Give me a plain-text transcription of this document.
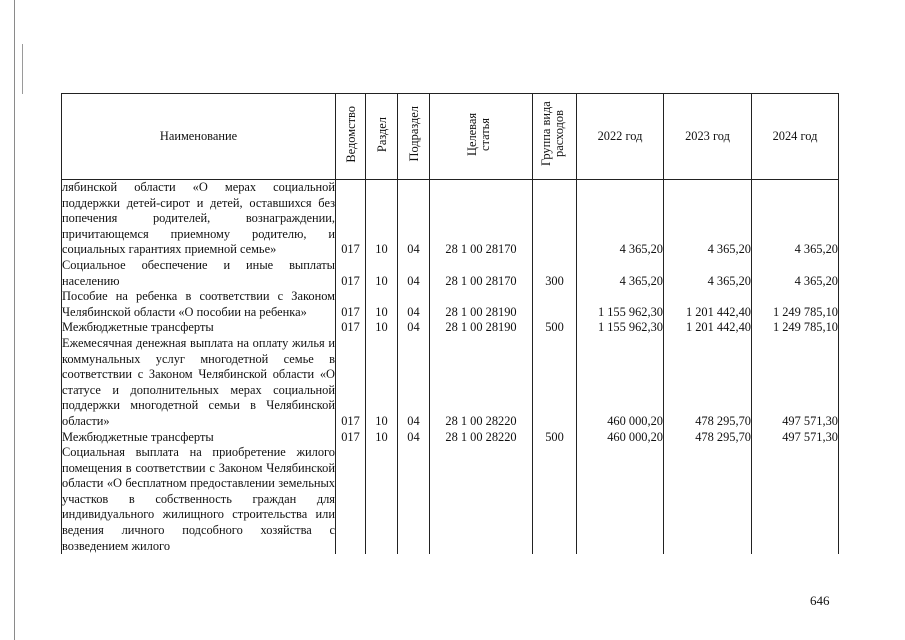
Наименование	Ведомство	Раздел	Подраздел	Целевая статья	Группа вида расходов	2022 год	2023 год	2024 год
лябинской области «О мерах социальной поддержки детей-сирот и детей, оставшихся без попечения родителей, вознаграждении, причитающемся приемному родителю, и социальных гарантиях приемной семье»	017	10	04	28 1 00 28170		4 365,20	4 365,20	4 365,20
Социальное обеспечение и иные выплаты населению	017	10	04	28 1 00 28170	300	4 365,20	4 365,20	4 365,20
Пособие на ребенка в соответствии с Законом Челябинской области «О пособии на ребенка»	017	10	04	28 1 00 28190		1 155 962,30	1 201 442,40	1 249 785,10
Межбюджетные трансферты	017	10	04	28 1 00 28190	500	1 155 962,30	1 201 442,40	1 249 785,10
Ежемесячная денежная выплата на оплату жилья и коммунальных услуг многодетной семье в соответствии с Законом Челябинской области «О статусе и дополнительных мерах социальной поддержки многодетной семьи в Челябинской области»	017	10	04	28 1 00 28220		460 000,20	478 295,70	497 571,30
Межбюджетные трансферты	017	10	04	28 1 00 28220	500	460 000,20	478 295,70	497 571,30
Социальная выплата на приобретение жилого помещения в соответствии с Законом Челябинской области «О бесплатном предоставлении земельных участков в собственность граждан для индивидуального жилищного строительства или ведения личного подсобного хозяйства с возведением жилого								
646
